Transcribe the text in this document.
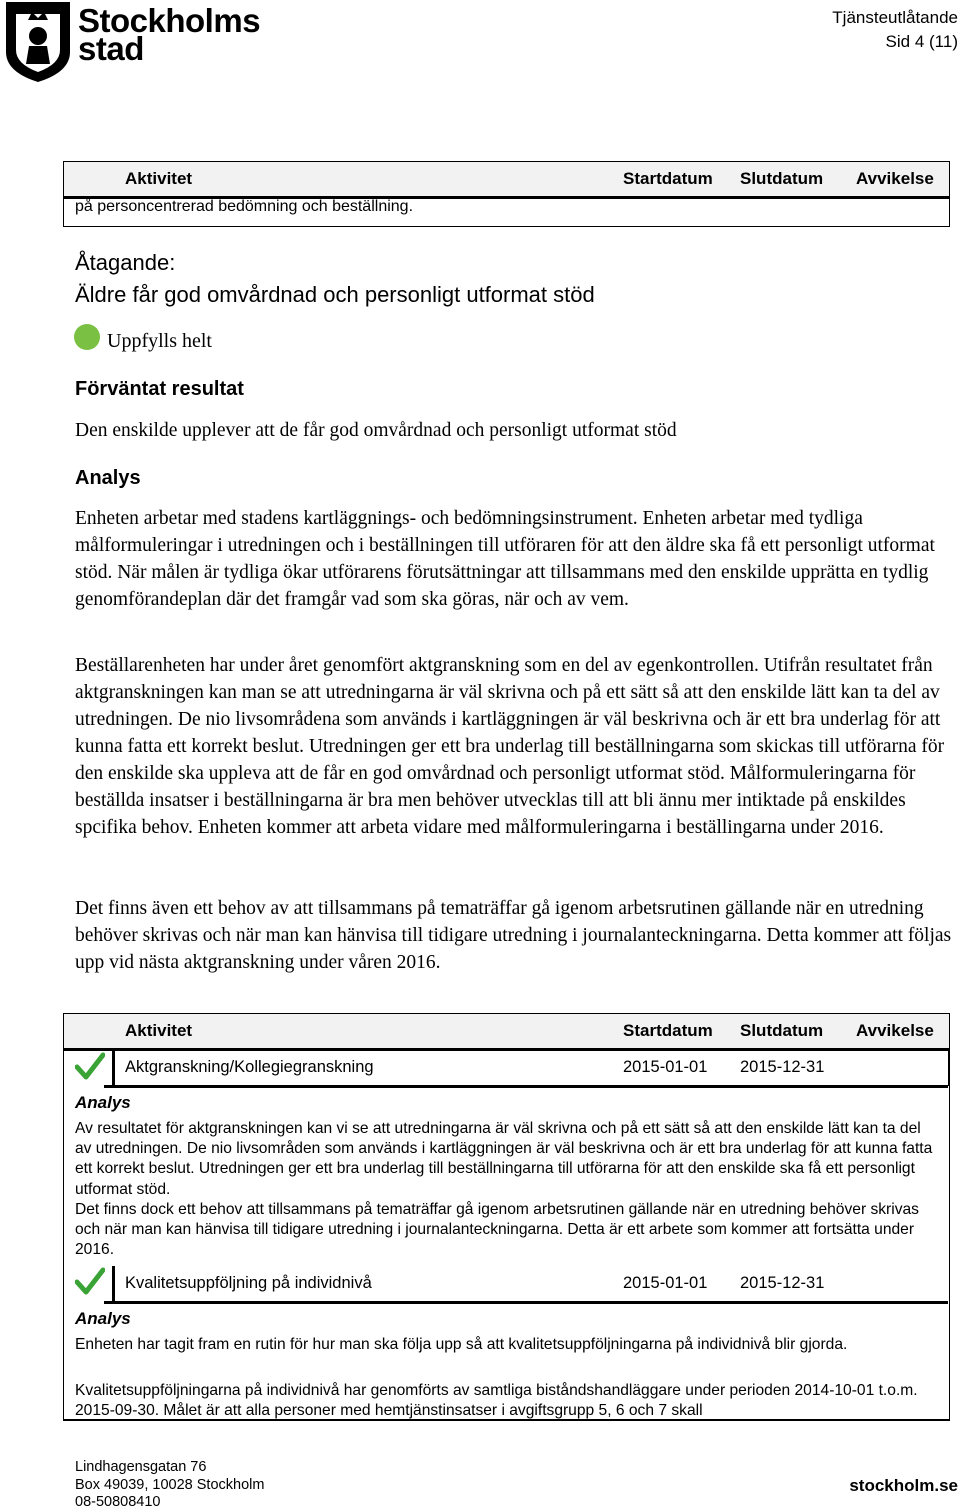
Stockholms
stad
Tjänsteutlåtande
Sid 4 (11)
Aktivitet	Startdatum Slutdatum Avvikelse
på personcentrerad bedömning och beställning.
Åtagande:
Äldre får god omvårdnad och personligt utformat stöd
Uppfylls helt
Förväntat resultat
Den enskilde upplever att de får god omvårdnad och personligt utformat stöd
Analys
Enheten arbetar med stadens kartläggnings- och bedömningsinstrument. Enheten arbetar med tydliga målformuleringar i utredningen och i beställningen till utföraren för att den äldre ska få ett personligt utformat stöd. När målen är tydliga ökar utförarens förutsättningar att tillsammans med den enskilde upprätta en tydlig genomförandeplan där det framgår vad som ska göras, när och av vem.
Beställarenheten har under året genomfört aktgranskning som en del av egenkontrollen. Utifrån resultatet från aktgranskningen kan man se att utredningarna är väl skrivna och på ett sätt så att den enskilde lätt kan ta del av utredningen. De nio livsområdena som används i kartläggningen är väl beskrivna och är ett bra underlag för att kunna fatta ett korrekt beslut. Utredningen ger ett bra underlag till beställningarna som skickas till utförarna för den enskilde ska uppleva att de får en god omvårdnad och personligt utformat stöd. Målformuleringarna för beställda insatser i beställningarna är bra men behöver utvecklas till att bli ännu mer intiktade på enskildes spcifika behov. Enheten kommer att arbeta vidare med målformuleringarna i beställingarna under 2016.
Det finns även ett behov av att tillsammans på tematräffar gå igenom arbetsrutinen gällande när en utredning behöver skrivas och när man kan hänvisa till tidigare utredning i journalanteckningarna. Detta kommer att följas upp vid nästa aktgranskning under våren 2016.
Aktivitet	Startdatum Slutdatum Avvikelse
Aktgranskning/Kollegiegranskning	2015-01-01 2015-12-31
Analys
Av resultatet för aktgranskningen kan vi se att utredningarna är väl skrivna och på ett sätt så att den enskilde lätt kan ta del av utredningen. De nio livsområden som används i kartläggningen är väl beskrivna och är ett bra underlag för att kunna fatta ett korrekt beslut. Utredningen ger ett bra underlag till beställningarna till utförarna för att den enskilde ska få ett personligt utformat stöd.
Det finns dock ett behov att tillsammans på tematräffar gå igenom arbetsrutinen gällande när en utredning behöver skrivas och när man kan hänvisa till tidigare utredning i journalanteckningarna. Detta är ett arbete som kommer att fortsätta under 2016.
Kvalitetsuppföljning på individnivå	2015-01-01 2015-12-31
Analys
Enheten har tagit fram en rutin för hur man ska följa upp så att kvalitetsuppföljningarna på individnivå blir gjorda.
Kvalitetsuppföljningarna på individnivå har genomförts av samtliga biståndshandläggare under perioden 2014-10-01 t.o.m. 2015-09-30. Målet är att alla personer med hemtjänstinsatser i avgiftsgrupp 5, 6 och 7 skall
Lindhagensgatan 76
Box 49039, 10028 Stockholm
08-50808410
stockholm.se
